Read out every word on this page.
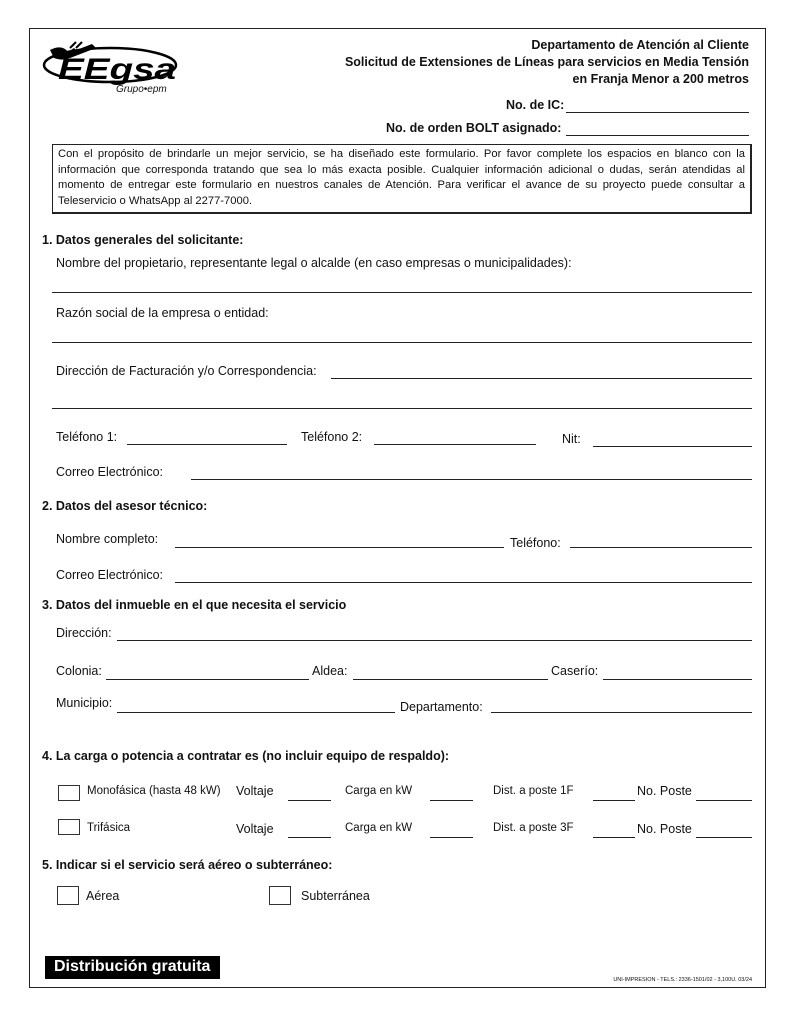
EEgsa
Grupo•epm
Departamento de Atención al Cliente
Solicitud de Extensiones de Líneas para servicios en Media Tensión
en Franja Menor a 200 metros
No. de IC:
No. de orden BOLT asignado:
Con el propósito de brindarle un mejor servicio, se ha diseñado este formulario. Por favor complete los espacios en blanco con la información que corresponda tratando que sea lo más exacta posible. Cualquier información adicional o dudas, serán atendidas al momento de entregar este formulario en nuestros canales de Atención. Para verificar el avance de su proyecto puede consultar a Teleservicio o WhatsApp al 2277-7000.
1. Datos generales del solicitante:
Nombre del propietario, representante legal o alcalde (en caso empresas o municipalidades):
Razón social de la empresa o entidad:
Dirección de Facturación y/o Correspondencia:
Teléfono 1:	Teléfono 2:	Nit:
Correo Electrónico:
2. Datos del asesor técnico:
Nombre completo:	Teléfono:
Correo Electrónico:
3. Datos del inmueble en el que necesita el servicio
Dirección:
Colonia:	Aldea:	Caserío:
Municipio:	Departamento:
4. La carga o potencia a contratar es (no incluir equipo de respaldo):
Monofásica (hasta 48 kW) Voltaje	Carga en kW	Dist. a poste 1F	No. Poste
Trifásica	Voltaje	Carga en kW	Dist. a poste 3F	No. Poste
5. Indicar si el servicio será aéreo o subterráneo:
Aérea	Subterránea
Distribución gratuita
UNI-IMPRESION - TELS.: 2336-1501/02 - 3,100U. 03/24
